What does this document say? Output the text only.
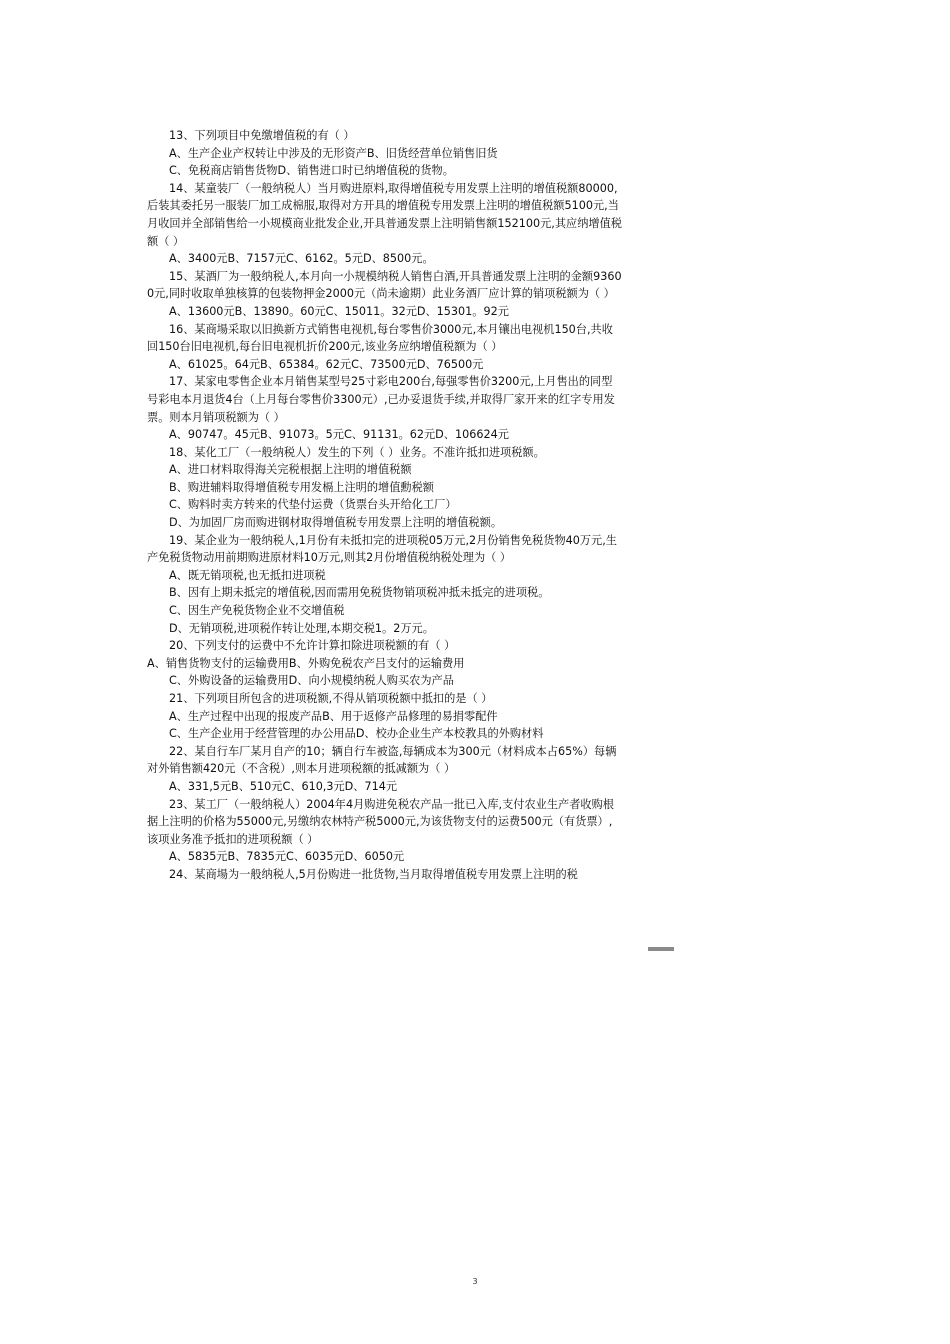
13、下列项目中免缴增值税的有（ ）

A、生产企业产权转让中涉及的无形资产B、旧货经营单位销售旧货

C、免税商店销售货物D、销售进口时已纳增值税的货物。

14、某童装厂（一般纳税人）当月购进原料,取得增值税专用发票上注明的增值税额80000,后装其委托另一服装厂加工成棉服,取得对方开具的增值税专用发票上注明的增值税额5100元,当月收回并全部销售给一小规模商业批发企业,开具普通发票上注明销售额152100元,其应纳增值税额（ ）

A、3400元B、7157元C、6162。5元D、8500元。

15、某酒厂为一般纳税人,本月向一小规模纳税人销售白酒,开具普通发票上注明的金额93600元,同时收取单独核算的包装物押金2000元（尚未逾期）此业务酒厂应计算的销项税额为（ ）

A、13600元B、13890。60元C、15011。32元D、15301。92元

16、某商場采取以旧换新方式销售电视机,每台零售价3000元,本月镶出电视机150台,共收回150台旧电视机,每台旧电视机折价200元,该业务应纳增值税额为（ ）

A、61025。64元B、65384。62元C、73500元D、76500元

17、某家电零售企业本月销售某型号25寸彩电200台,每强零售价3200元,上月售出的同型号彩电本月退货4台（上月每台零售价3300元）,已办妥退货手续,并取得厂家开来的红字专用发票。则本月销项税额为（ ）

A、90747。45元B、91073。5元C、91131。62元D、106624元

18、某化工厂（一般纳税人）发生的下列（ ）业务。不准许抵扣进项税额。

A、进口材料取得海关完税根据上注明的增值税额

B、购进辅料取得增值税专用发槅上注明的增值勳税额

C、购料时卖方转来的代垫付运费（货票台头开给化工厂）

D、为加固厂房而购进钢材取得增值税专用发票上注明的增值税额。

19、某企业为一般纳税人,1月份有未抵扣完的进项税05万元,2月份销售免税货物40万元,生产免税货物动用前期购进原材料10万元,则其2月份增值税纳税处理为（ ）

A、既无销项税,也无抵扣进项税

B、因有上期未抵完的增值税,因而需用免税货物销项税冲抵未抵完的进项税。

C、因生产免税货物企业不交增值税

D、无销项税,进项税作转让处理,本期交税1。2万元。

20、下列支付的运费中不允许计算扣除进项税额的有（ ）

A、销售货物支付的运输费用B、外购免税农产吕支付的运输费用

C、外购设备的运输费用D、向小规模纳税人购买农为产品

21、下列项目所包含的进项税额,不得从销项税额中抵扣的是（ ）

A、生产过程中出现的报废产品B、用于返修产品修理的易捐零配件

C、生产企业用于经营管理的办公用品D、校办企业生产本校教具的外购材料

22、某自行车厂某月自产的10；辆自行车被盗,每辆成本为300元（材料成本占65%）每辆对外销售额420元（不含税）,则本月进项税额的抵减额为（ ）

A、331,5元B、510元C、610,3元D、714元

23、某工厂（一般纳税人）2004年4月购进免税农产品一批已入库,支付农业生产者收购根据上注明的价格为55000元,另缴纳农林特产税5000元,为该货物支付的运费500元（有货票）,该项业务准予抵扣的进项税额（ ）

A、5835元B、7835元C、6035元D、6050元

24、某商場为一般纳税人,5月份购进一批货物,当月取得增值税专用发票上注明的税

3
